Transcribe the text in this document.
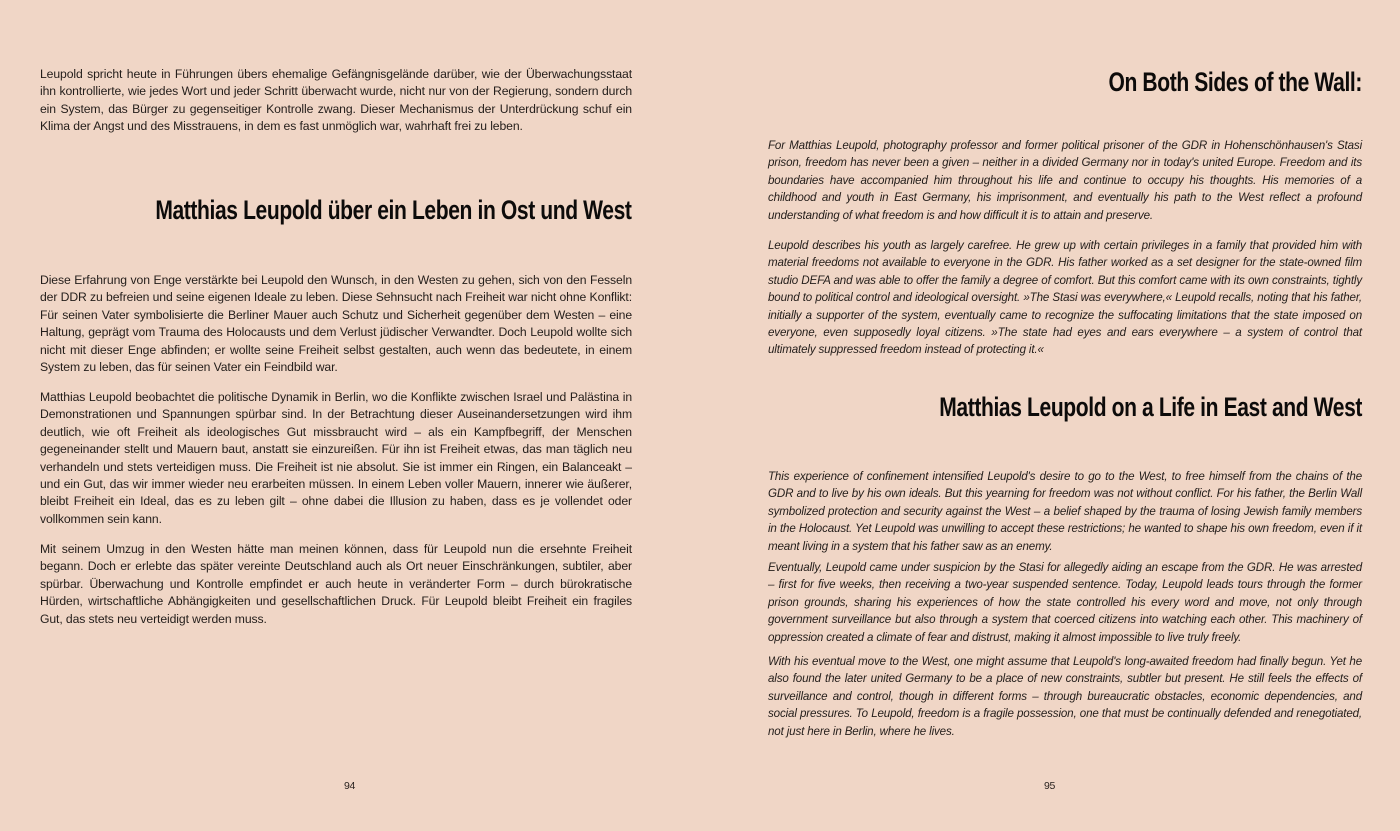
Leupold spricht heute in Führungen übers ehemalige Gefängnisgelände darüber, wie der Überwachungsstaat ihn kontrollierte, wie jedes Wort und jeder Schritt überwacht wurde, nicht nur von der Regierung, sondern durch ein System, das Bürger zu gegenseitiger Kontrolle zwang. Dieser Mechanismus der Unterdrückung schuf ein Klima der Angst und des Misstrauens, in dem es fast unmöglich war, wahrhaft frei zu leben.

Matthias Leupold über ein Leben in Ost und West

Diese Erfahrung von Enge verstärkte bei Leupold den Wunsch, in den Westen zu gehen, sich von den Fesseln der DDR zu befreien und seine eigenen Ideale zu leben. Diese Sehnsucht nach Freiheit war nicht ohne Konflikt: Für seinen Vater symbolisierte die Berliner Mauer auch Schutz und Sicherheit gegenüber dem Westen – eine Haltung, geprägt vom Trauma des Holocausts und dem Verlust jüdischer Verwandter. Doch Leupold wollte sich nicht mit dieser Enge abfinden; er wollte seine Freiheit selbst gestalten, auch wenn das bedeutete, in einem System zu leben, das für seinen Vater ein Feindbild war.

Matthias Leupold beobachtet die politische Dynamik in Berlin, wo die Konflikte zwischen Israel und Palästina in Demonstrationen und Spannungen spürbar sind. In der Betrachtung dieser Auseinandersetzungen wird ihm deutlich, wie oft Freiheit als ideologisches Gut missbraucht wird – als ein Kampfbegriff, der Menschen gegeneinander stellt und Mauern baut, anstatt sie einzureißen. Für ihn ist Freiheit etwas, das man täglich neu verhandeln und stets verteidigen muss. Die Freiheit ist nie absolut. Sie ist immer ein Ringen, ein Balanceakt – und ein Gut, das wir immer wieder neu erarbeiten müssen. In einem Leben voller Mauern, innerer wie äußerer, bleibt Freiheit ein Ideal, das es zu leben gilt – ohne dabei die Illusion zu haben, dass es je vollendet oder vollkommen sein kann.

Mit seinem Umzug in den Westen hätte man meinen können, dass für Leupold nun die ersehnte Freiheit begann. Doch er erlebte das später vereinte Deutschland auch als Ort neuer Einschränkungen, subtiler, aber spürbar. Überwachung und Kontrolle empfindet er auch heute in veränderter Form – durch bürokratische Hürden, wirtschaftliche Abhängigkeiten und gesellschaftlichen Druck. Für Leupold bleibt Freiheit ein fragiles Gut, das stets neu verteidigt werden muss.

On Both Sides of the Wall:

For Matthias Leupold, photography professor and former political prisoner of the GDR in Hohenschönhausen's Stasi prison, freedom has never been a given – neither in a divided Germany nor in today's united Europe. Freedom and its boundaries have accompanied him throughout his life and continue to occupy his thoughts. His memories of a childhood and youth in East Germany, his imprisonment, and eventually his path to the West reflect a profound understanding of what freedom is and how difficult it is to attain and preserve.

Leupold describes his youth as largely carefree. He grew up with certain privileges in a family that provided him with material freedoms not available to everyone in the GDR. His father worked as a set designer for the state-owned film studio DEFA and was able to offer the family a degree of comfort. But this comfort came with its own constraints, tightly bound to political control and ideological oversight. »The Stasi was everywhere,« Leupold recalls, noting that his father, initially a supporter of the system, eventually came to recognize the suffocating limitations that the state imposed on everyone, even supposedly loyal citizens. »The state had eyes and ears everywhere – a system of control that ultimately suppressed freedom instead of protecting it.«

Matthias Leupold on a Life in East and West

This experience of confinement intensified Leupold's desire to go to the West, to free himself from the chains of the GDR and to live by his own ideals. But this yearning for freedom was not without conflict. For his father, the Berlin Wall symbolized protection and security against the West – a belief shaped by the trauma of losing Jewish family members in the Holocaust. Yet Leupold was unwilling to accept these restrictions; he wanted to shape his own freedom, even if it meant living in a system that his father saw as an enemy.

Eventually, Leupold came under suspicion by the Stasi for allegedly aiding an escape from the GDR. He was arrested – first for five weeks, then receiving a two-year suspended sentence. Today, Leupold leads tours through the former prison grounds, sharing his experiences of how the state controlled his every word and move, not only through government surveillance but also through a system that coerced citizens into watching each other. This machinery of oppression created a climate of fear and distrust, making it almost impossible to live truly freely.

With his eventual move to the West, one might assume that Leupold's long-awaited freedom had finally begun. Yet he also found the later united Germany to be a place of new constraints, subtler but present. He still feels the effects of surveillance and control, though in different forms – through bureaucratic obstacles, economic dependencies, and social pressures. To Leupold, freedom is a fragile possession, one that must be continually defended and renegotiated, not just here in Berlin, where he lives.

94	95
